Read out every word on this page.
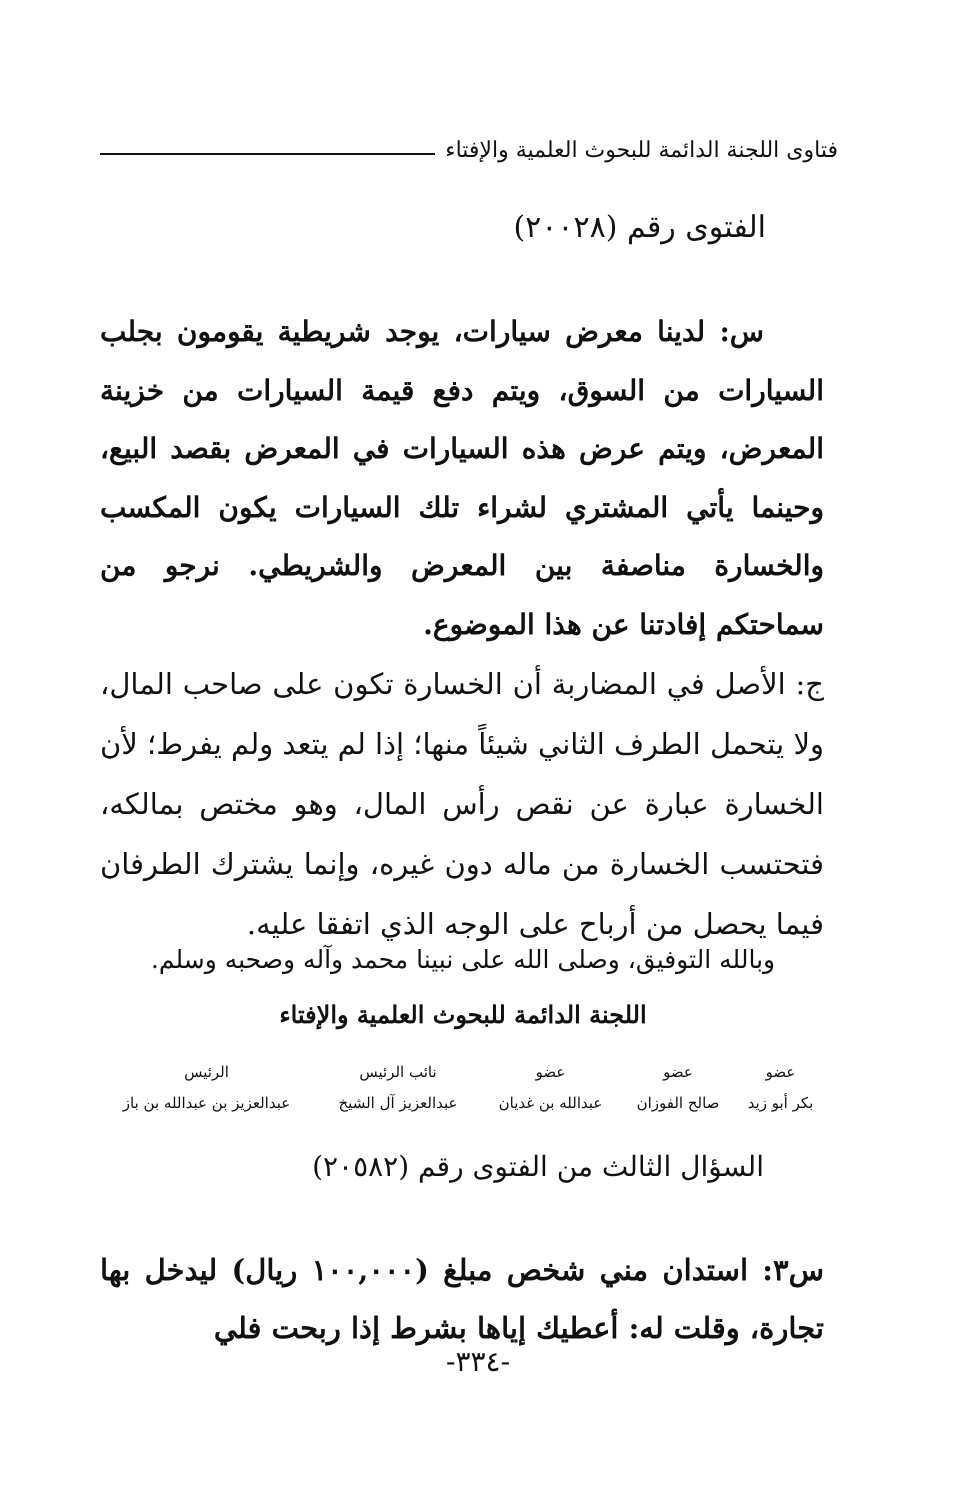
فتاوى اللجنة الدائمة للبحوث العلمية والإفتاء
الفتوى رقم (٢٠٠٢٨)

س: لدينا معرض سيارات، يوجد شريطية يقومون بجلب السيارات من السوق، ويتم دفع قيمة السيارات من خزينة المعرض، ويتم عرض هذه السيارات في المعرض بقصد البيع، وحينما يأتي المشتري لشراء تلك السيارات يكون المكسب والخسارة مناصفة بين المعرض والشريطي. نرجو من سماحتكم إفادتنا عن هذا الموضوع.

ج: الأصل في المضاربة أن الخسارة تكون على صاحب المال، ولا يتحمل الطرف الثاني شيئاً منها؛ إذا لم يتعد ولم يفرط؛ لأن الخسارة عبارة عن نقص رأس المال، وهو مختص بمالكه، فتحتسب الخسارة من ماله دون غيره، وإنما يشترك الطرفان فيما يحصل من أرباح على الوجه الذي اتفقا عليه.

وبالله التوفيق، وصلى الله على نبينا محمد وآله وصحبه وسلم.
اللجنة الدائمة للبحوث العلمية والإفتاء
عضو
بكر أبو زيد
عضو
صالح الفوزان
عضو
عبدالله بن غديان
نائب الرئيس
عبدالعزيز آل الشيخ
الرئيس
عبدالعزيز بن عبدالله بن باز
السؤال الثالث من الفتوى رقم (٢٠٥٨٢)

س٣: استدان مني شخص مبلغ (١٠٠,٠٠٠ ريال) ليدخل بها تجارة، وقلت له: أعطيك إياها بشرط إذا ربحت فلي

-٣٣٤-
